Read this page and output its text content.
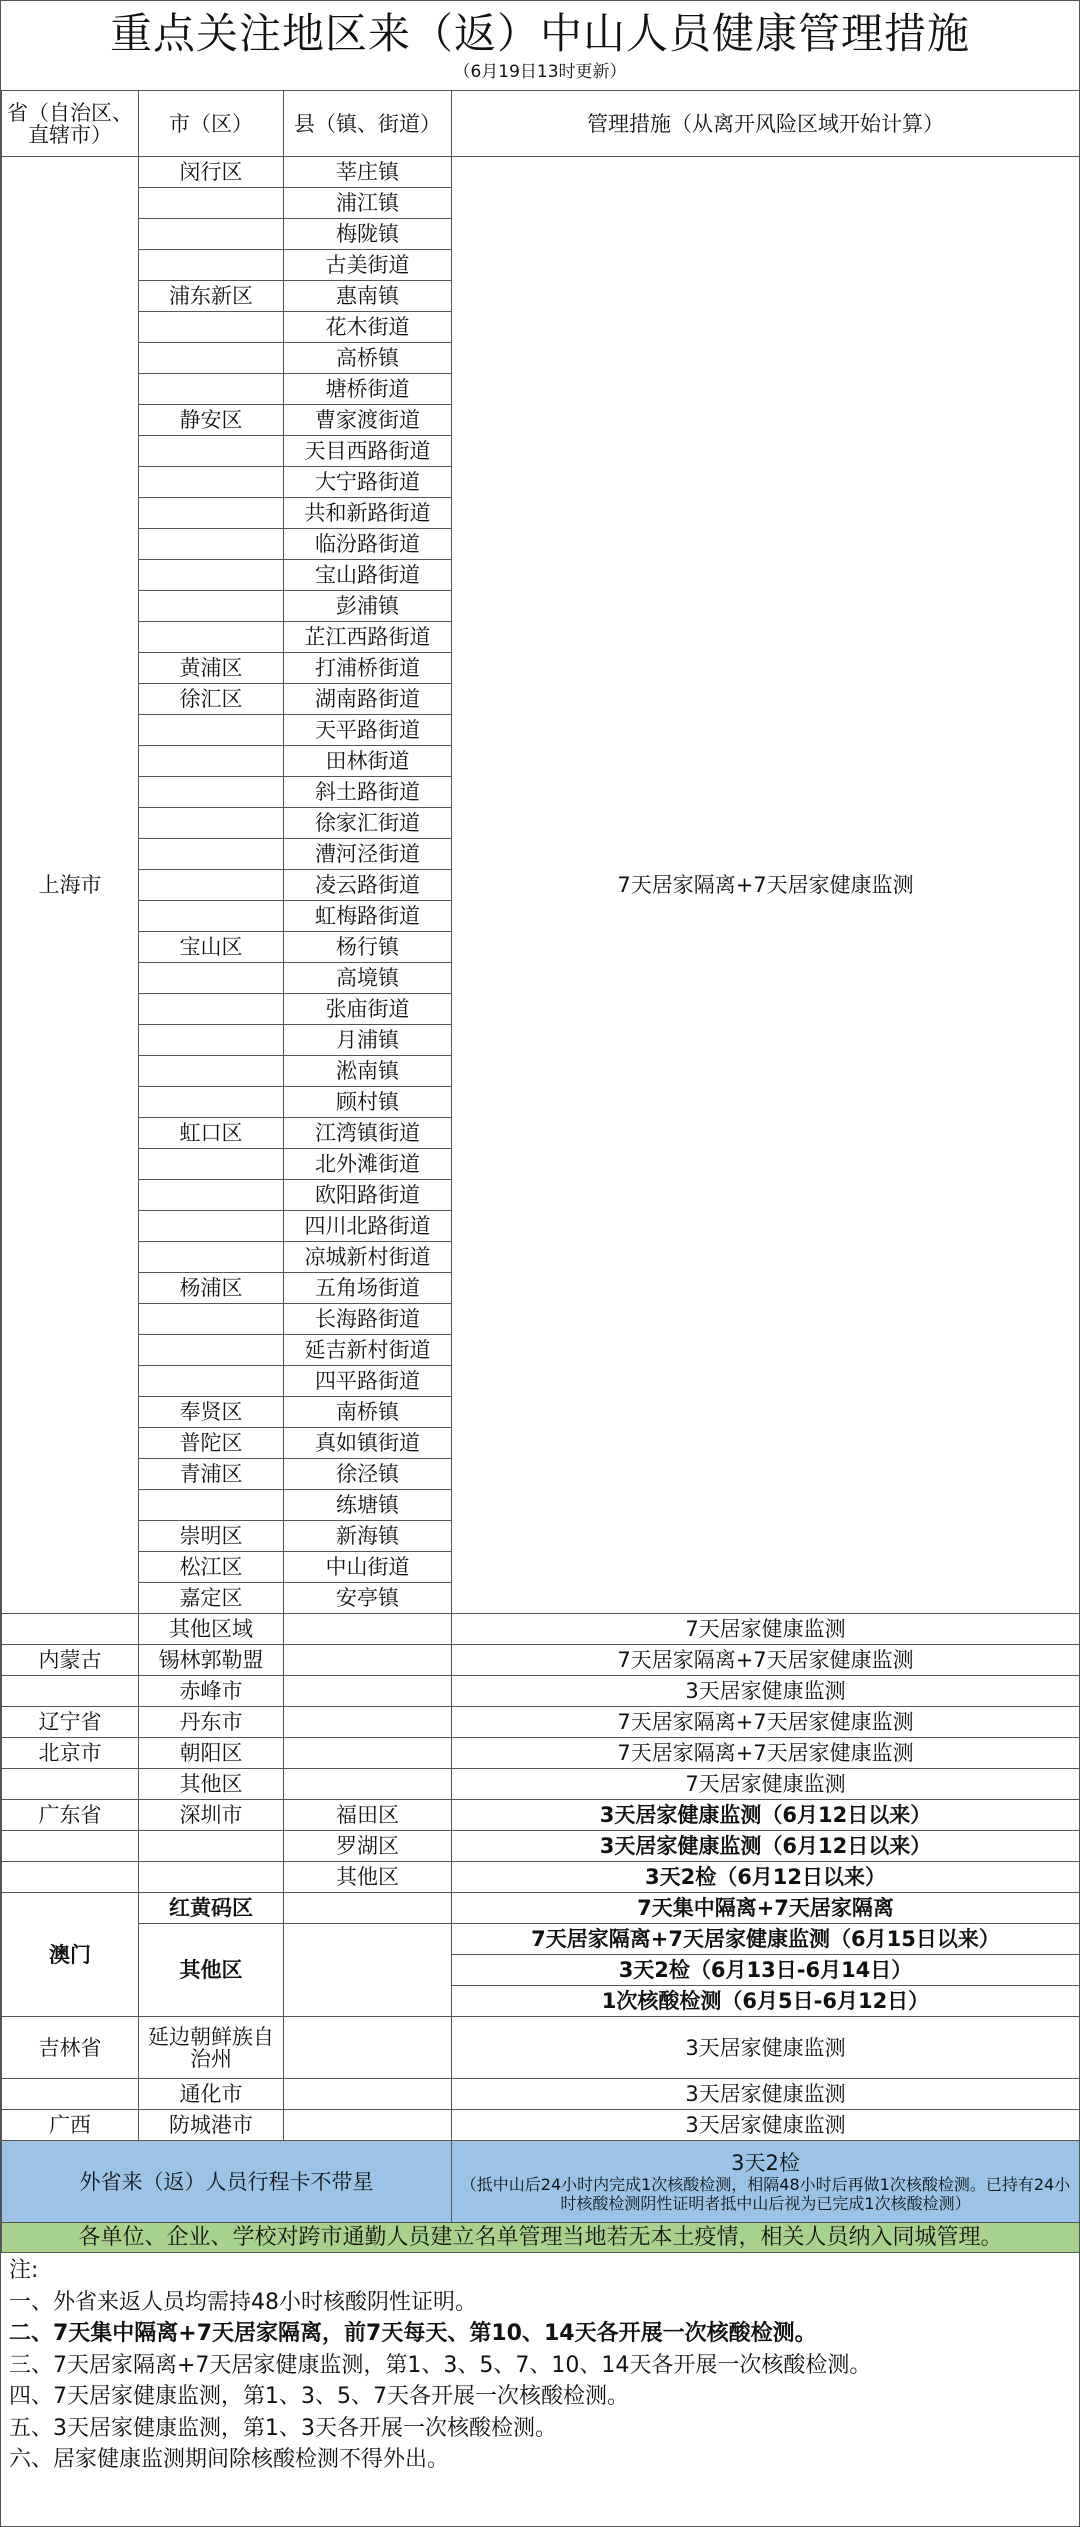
重点关注地区来（返）中山人员健康管理措施
（6月19日13时更新）
省（自治区、直辖市）	市（区）	县（镇、街道）	管理措施（从离开风险区域开始计算）
上海市	闵行区	莘庄镇	7天居家隔离+7天居家健康监测
		浦江镇	
		梅陇镇	
		古美街道	
	浦东新区	惠南镇	
		花木街道	
		高桥镇	
		塘桥街道	
	静安区	曹家渡街道	
		天目西路街道	
		大宁路街道	
		共和新路街道	
		临汾路街道	
		宝山路街道	
		彭浦镇	
		芷江西路街道	
	黄浦区	打浦桥街道	
	徐汇区	湖南路街道	
		天平路街道	
		田林街道	
		斜土路街道	
		徐家汇街道	
		漕河泾街道	
		凌云路街道	
		虹梅路街道	
	宝山区	杨行镇	
		高境镇	
		张庙街道	
		月浦镇	
		淞南镇	
		顾村镇	
	虹口区	江湾镇街道	
		北外滩街道	
		欧阳路街道	
		四川北路街道	
		凉城新村街道	
	杨浦区	五角场街道	
		长海路街道	
		延吉新村街道	
		四平路街道	
	奉贤区	南桥镇	
	普陀区	真如镇街道	
	青浦区	徐泾镇	
		练塘镇	
	崇明区	新海镇	
	松江区	中山街道	
	嘉定区	安亭镇	
	其他区域		7天居家健康监测
内蒙古	锡林郭勒盟		7天居家隔离+7天居家健康监测
	赤峰市		3天居家健康监测
辽宁省	丹东市		7天居家隔离+7天居家健康监测
北京市	朝阳区		7天居家隔离+7天居家健康监测
	其他区		7天居家健康监测
广东省	深圳市	福田区	3天居家健康监测（6月12日以来）
		罗湖区	3天居家健康监测（6月12日以来）
		其他区	3天2检（6月12日以来）
澳门	红黄码区		7天集中隔离+7天居家隔离
	其他区		7天居家隔离+7天居家健康监测（6月15日以来）
			3天2检（6月13日-6月14日）
			1次核酸检测（6月5日-6月12日）
吉林省	延边朝鲜族自治州		3天居家健康监测
	通化市		3天居家健康监测
广西	防城港市		3天居家健康监测
外省来（返）人员行程卡不带星			3天2检
（抵中山后24小时内完成1次核酸检测，相隔48小时后再做1次核酸检测。已持有24小时核酸检测阴性证明者抵中山后视为已完成1次核酸检测）

各单位、企业、学校对跨市通勤人员建立名单管理当地若无本土疫情，相关人员纳入同城管理。			
注:
一、外省来返人员均需持48小时核酸阴性证明。
二、7天集中隔离+7天居家隔离，前7天每天、第10、14天各开展一次核酸检测。
三、7天居家隔离+7天居家健康监测，第1、3、5、7、10、14天各开展一次核酸检测。
四、7天居家健康监测，第1、3、5、7天各开展一次核酸检测。
五、3天居家健康监测，第1、3天各开展一次核酸检测。
六、居家健康监测期间除核酸检测不得外出。
